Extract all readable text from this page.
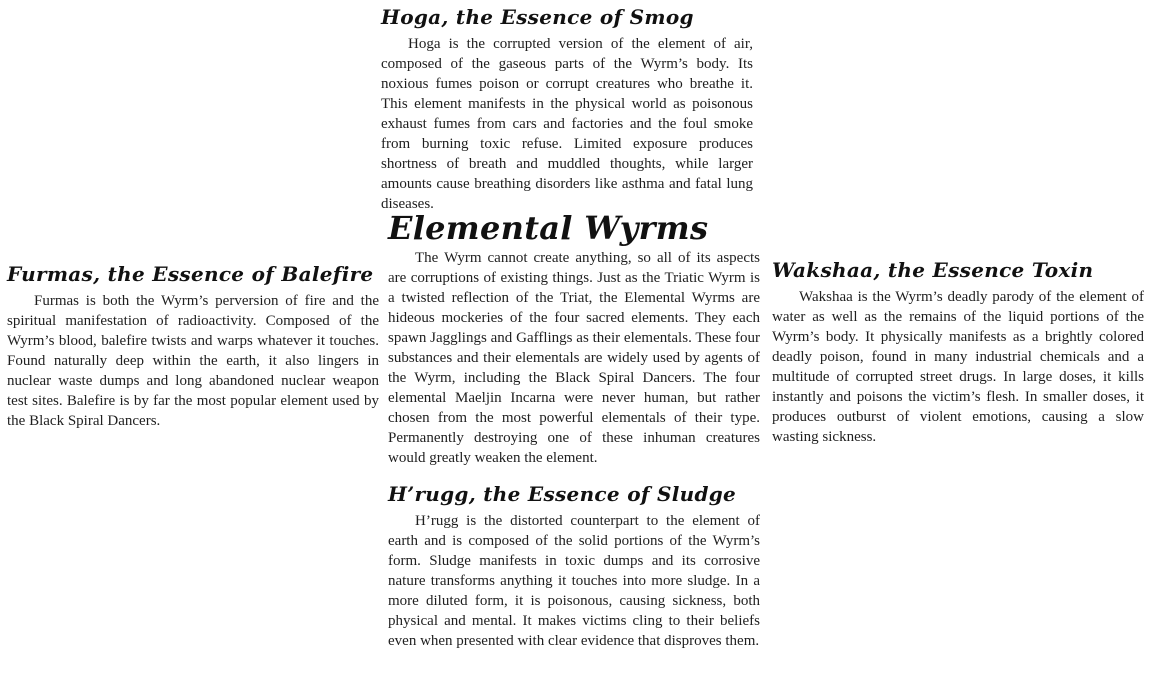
Hoga, the Essence of Smog

Hoga is the corrupted version of the element of air, composed of the gaseous parts of the Wyrm’s body. Its noxious fumes poison or corrupt creatures who breathe it. This element manifests in the physical world as poisonous exhaust fumes from cars and factories and the foul smoke from burning toxic refuse. Limited exposure produces shortness of breath and muddled thoughts, while larger amounts cause breathing disorders like asthma and fatal lung diseases.

Elemental Wyrms

The Wyrm cannot create anything, so all of its aspects are corruptions of existing things. Just as the Triatic Wyrm is a twisted reflection of the Triat, the Elemental Wyrms are hideous mockeries of the four sacred elements. They each spawn Jagglings and Gafflings as their elementals. These four substances and their elementals are widely used by agents of the Wyrm, including the Black Spiral Dancers. The four elemental Maeljin Incarna were never human, but rather chosen from the most powerful elementals of their type. Permanently destroying one of these inhuman creatures would greatly weaken the element.

Furmas, the Essence of Balefire

Furmas is both the Wyrm’s perversion of fire and the spiritual manifestation of radioactivity. Composed of the Wyrm’s blood, balefire twists and warps whatever it touches. Found naturally deep within the earth, it also lingers in nuclear waste dumps and long abandoned nuclear weapon test sites. Balefire is by far the most popular element used by the Black Spiral Dancers.

Wakshaa, the Essence Toxin

Wakshaa is the Wyrm’s deadly parody of the element of water as well as the remains of the liquid portions of the Wyrm’s body. It physically manifests as a brightly colored deadly poison, found in many industrial chemicals and a multitude of corrupted street drugs. In large doses, it kills instantly and poisons the victim’s flesh. In smaller doses, it produces outburst of violent emotions, causing a slow wasting sickness.

H’rugg, the Essence of Sludge

H’rugg is the distorted counterpart to the element of earth and is composed of the solid portions of the Wyrm’s form. Sludge manifests in toxic dumps and its corrosive nature transforms anything it touches into more sludge. In a more diluted form, it is poisonous, causing sickness, both physical and mental. It makes victims cling to their beliefs even when presented with clear evidence that disproves them.
